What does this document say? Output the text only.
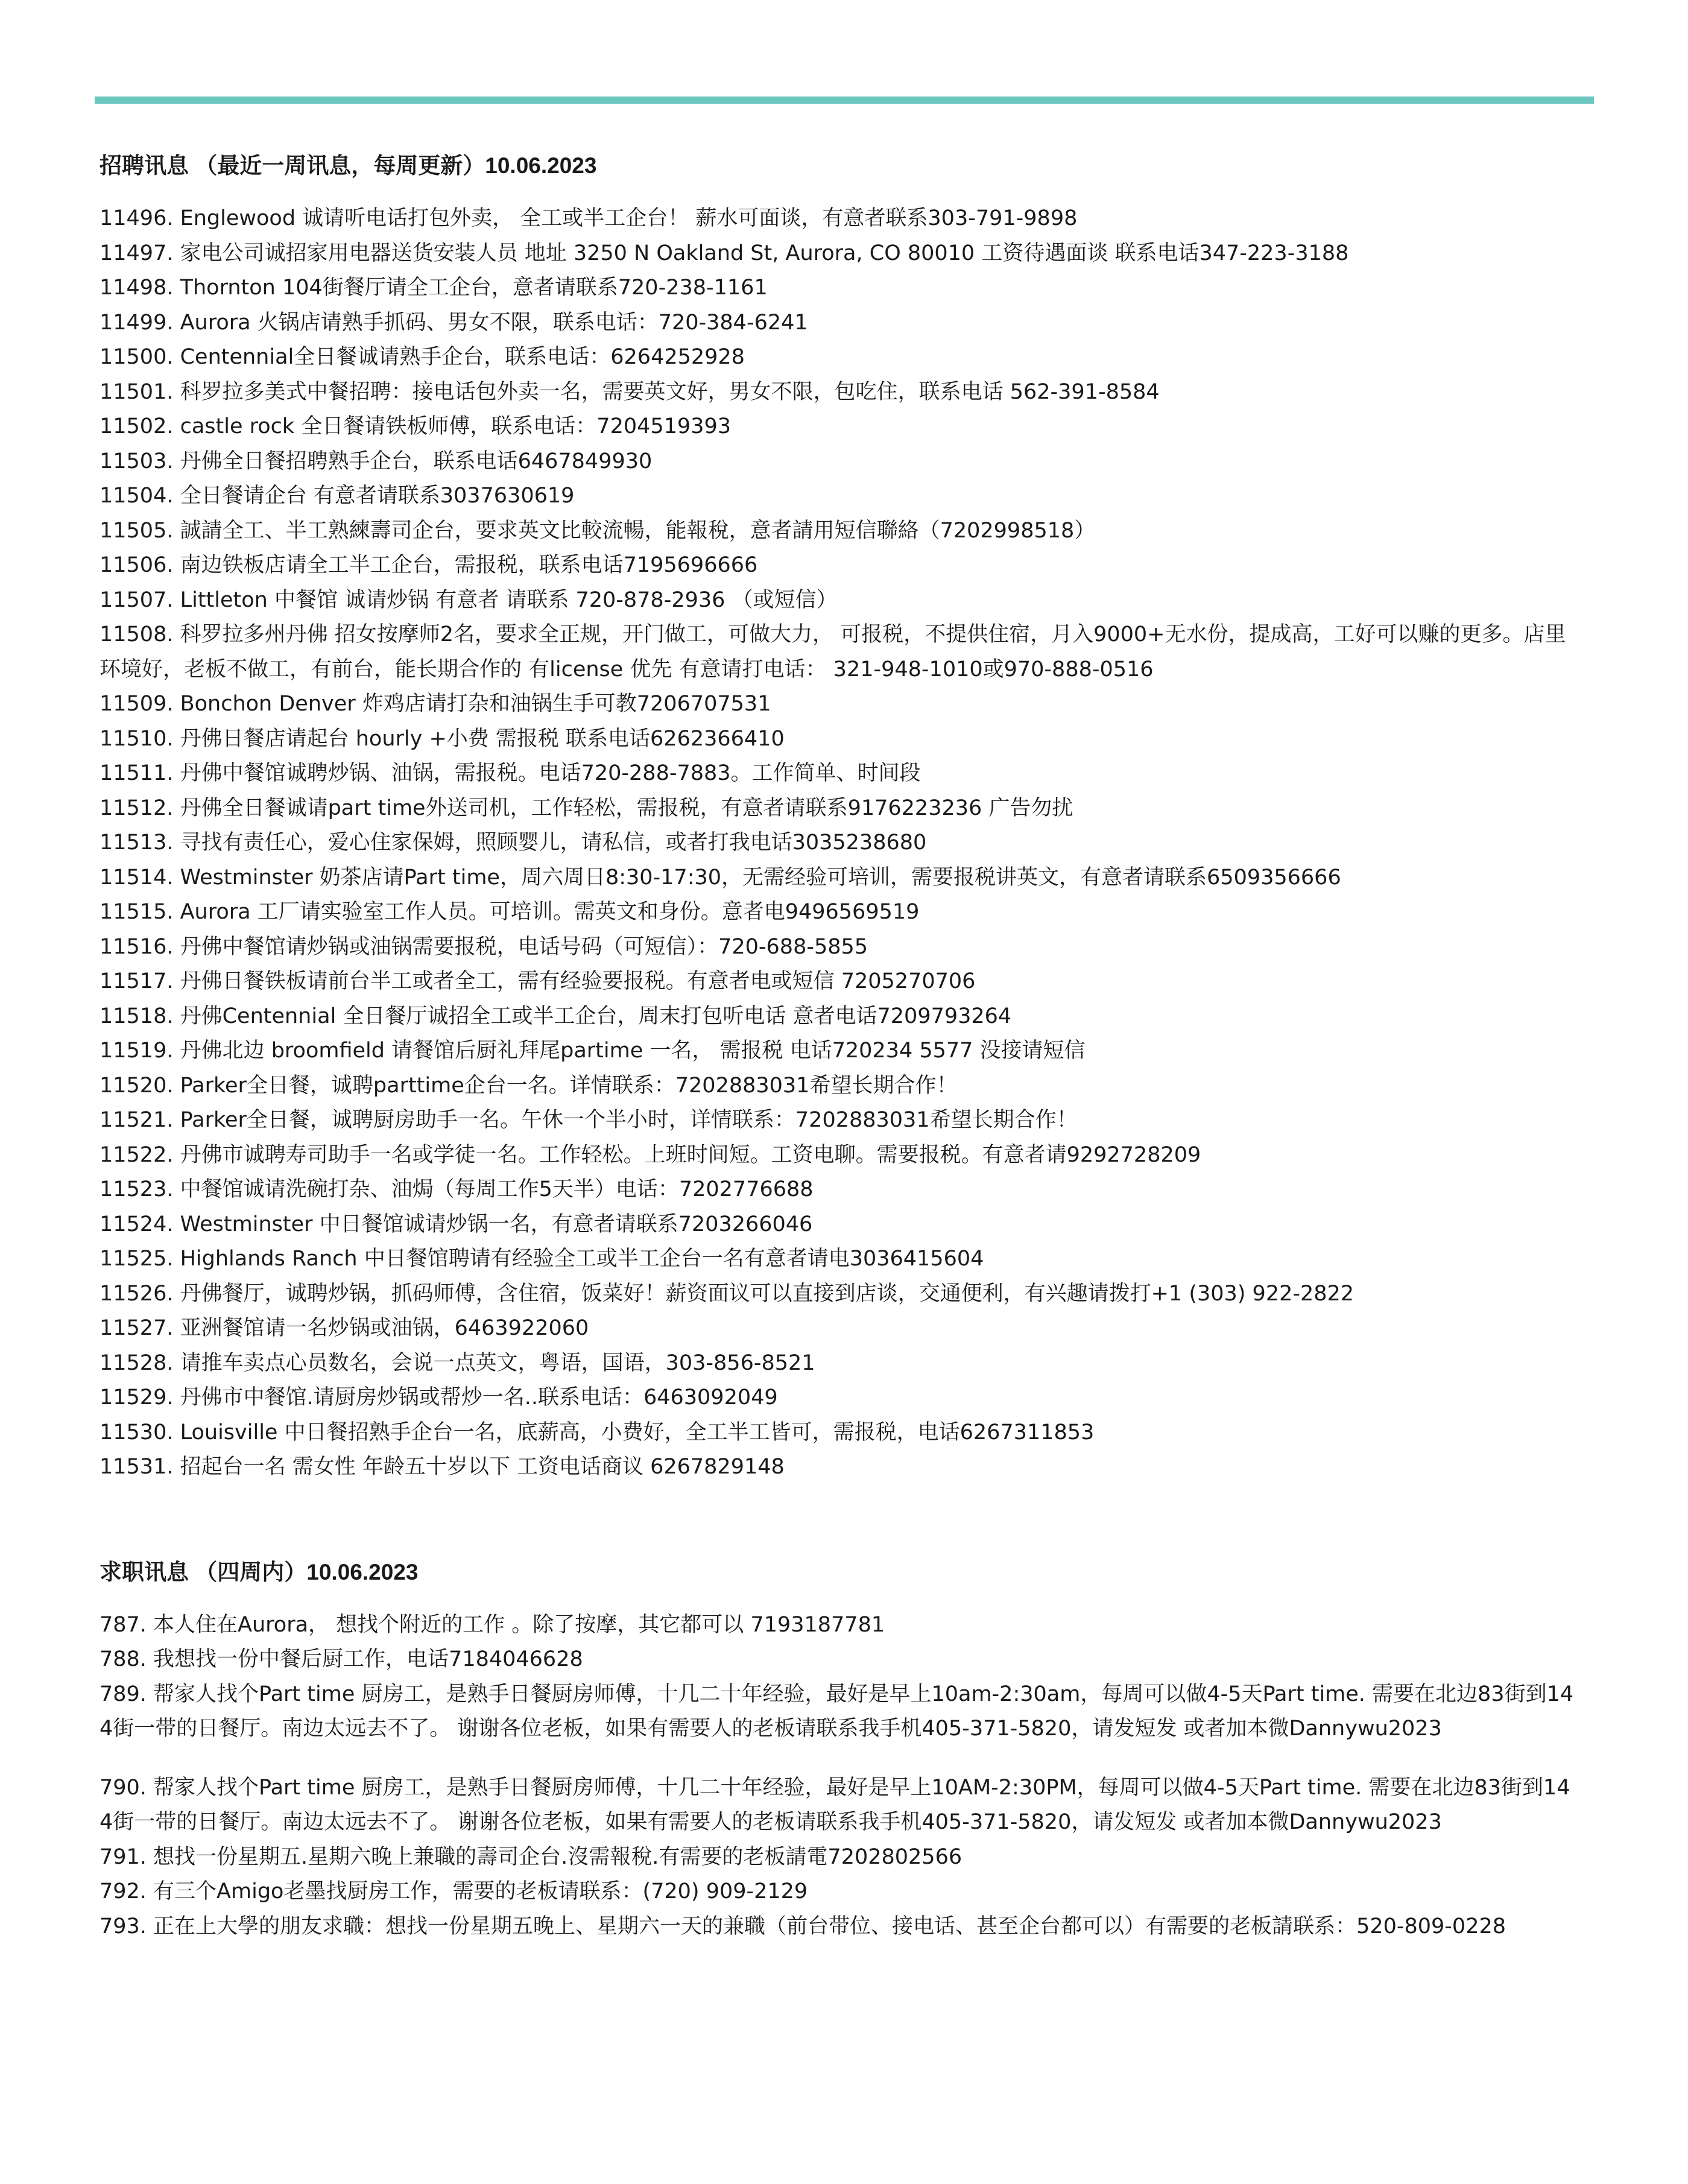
招聘讯息 （最近一周讯息，每周更新）10.06.2023
11496. Englewood 诚请听电话打包外卖， 全工或半工企台！ 薪水可面谈，有意者联系303-791-9898
11497. 家电公司诚招家用电器送货安装人员 地址 3250 N Oakland St, Aurora, CO 80010 工资待遇面谈 联系电话347-223-3188
11498. Thornton 104街餐厅请全工企台，意者请联系720-238-1161
11499. Aurora 火锅店请熟手抓码、男女不限，联系电话：720-384-6241
11500. Centennial全日餐诚请熟手企台，联系电话：6264252928
11501. 科罗拉多美式中餐招聘：接电话包外卖一名，需要英文好，男女不限，包吃住，联系电话 562-391-8584
11502. castle rock 全日餐请铁板师傅，联系电话：7204519393
11503. 丹佛全日餐招聘熟手企台，联系电话6467849930
11504. 全日餐请企台 有意者请联系3037630619
11505. 誠請全工、半工熟練壽司企台，要求英文比較流暢，能報稅，意者請用短信聯絡（7202998518）
11506. 南边铁板店请全工半工企台，需报税，联系电话7195696666
11507. Littleton 中餐馆 诚请炒锅 有意者 请联系 720-878-2936 （或短信）
11508. 科罗拉多州丹佛 招女按摩师2名，要求全正规，开门做工，可做大力， 可报税，不提供住宿，月入9000+无水份，提成高，工好可以赚的更多。店里环境好，老板不做工，有前台，能长期合作的 有license 优先 有意请打电话： 321-948-1010或970-888-0516
11509. Bonchon Denver 炸鸡店请打杂和油锅生手可教7206707531
11510. 丹佛日餐店请起台 hourly +小费 需报税 联系电话6262366410
11511. 丹佛中餐馆诚聘炒锅、油锅，需报税。电话720-288-7883。工作简单、时间段
11512. 丹佛全日餐诚请part time外送司机，工作轻松，需报税，有意者请联系9176223236 广告勿扰
11513. 寻找有责任心，爱心住家保姆，照顾婴儿，请私信，或者打我电话3035238680
11514. Westminster 奶茶店请Part time，周六周日8:30-17:30，无需经验可培训，需要报税讲英文，有意者请联系6509356666
11515. Aurora 工厂请实验室工作人员。可培训。需英文和身份。意者电9496569519
11516. 丹佛中餐馆请炒锅或油锅需要报税，电话号码（可短信）：720-688-5855
11517. 丹佛日餐铁板请前台半工或者全工，需有经验要报税。有意者电或短信 7205270706
11518. 丹佛Centennial 全日餐厅诚招全工或半工企台，周末打包听电话 意者电话7209793264
11519. 丹佛北边 broomfield 请餐馆后厨礼拜尾partime 一名， 需报税 电话720234 5577 没接请短信
11520. Parker全日餐，诚聘parttime企台一名。详情联系：7202883031希望长期合作！
11521. Parker全日餐，诚聘厨房助手一名。午休一个半小时，详情联系：7202883031希望长期合作！
11522. 丹佛市诚聘寿司助手一名或学徒一名。工作轻松。上班时间短。工资电聊。需要报税。有意者请9292728209
11523. 中餐馆诚请洗碗打杂、油焗（每周工作5天半）电话：7202776688
11524. Westminster 中日餐馆诚请炒锅一名，有意者请联系7203266046
11525. Highlands Ranch 中日餐馆聘请有经验全工或半工企台一名有意者请电3036415604
11526. 丹佛餐厅，诚聘炒锅，抓码师傅，含住宿，饭菜好！薪资面议可以直接到店谈，交通便利，有兴趣请拨打+1 (303) 922-2822
11527. 亚洲餐馆请一名炒锅或油锅，6463922060
11528. 请推车卖点心员数名，会说一点英文，粤语，国语，303-856-8521
11529. 丹佛市中餐馆.请厨房炒锅或帮炒一名..联系电话：6463092049
11530. Louisville 中日餐招熟手企台一名，底薪高，小费好，全工半工皆可，需报税，电话6267311853
11531. 招起台一名 需女性 年龄五十岁以下 工资电话商议 6267829148
求职讯息 （四周内）10.06.2023
787. 本人住在Aurora， 想找个附近的工作 。除了按摩，其它都可以 7193187781
788. 我想找一份中餐后厨工作，电话7184046628
789. 帮家人找个Part time 厨房工，是熟手日餐厨房师傅，十几二十年经验，最好是早上10am-2:30am，每周可以做4-5天Part time. 需要在北边83街到144街一带的日餐厅。南边太远去不了。 谢谢各位老板，如果有需要人的老板请联系我手机405-371-5820，请发短发 或者加本微Dannywu2023
790. 帮家人找个Part time 厨房工，是熟手日餐厨房师傅，十几二十年经验，最好是早上10AM-2:30PM，每周可以做4-5天Part time. 需要在北边83街到144街一带的日餐厅。南边太远去不了。 谢谢各位老板，如果有需要人的老板请联系我手机405-371-5820，请发短发 或者加本微Dannywu2023
791. 想找一份星期五.星期六晚上兼職的壽司企台.沒需報稅.有需要的老板請電7202802566
792. 有三个Amigo老墨找厨房工作，需要的老板请联系：(720) 909-2129
793. 正在上大學的朋友求職：想找一份星期五晚上、星期六一天的兼職（前台带位、接电话、甚至企台都可以）有需要的老板請联系：520-809-0228
